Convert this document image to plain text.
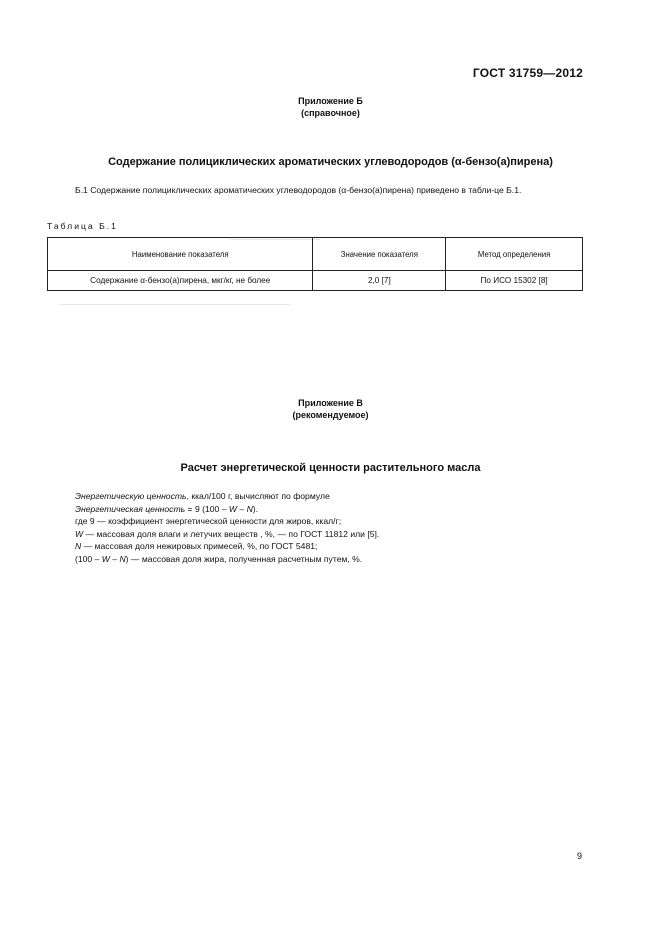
ГОСТ 31759—2012
Приложение Б
(справочное)
Содержание полициклических ароматических углеводородов (α-бензо(а)пирена)
Б.1 Содержание полициклических ароматических углеводородов (α-бензо(а)пирена) приведено в табли-це Б.1.
Таблица Б.1
Наименование показателя	Значение показателя	Метод определения
Содержание α-бензо(а)пирена, мкг/кг, не более	2,0 [7]	По ИСО 15302 [8]
Приложение В
(рекомендуемое)
Расчет энергетической ценности растительного масла
Энергетическую ценность, ккал/100 г, вычисляют по формуле
Энергетическая ценность = 9 (100 – W – N).
где 9 — коэффициент энергетической ценности для жиров, ккал/г;
W — массовая доля влаги и летучих веществ , %, — по ГОСТ 11812 или [5].
N — массовая доля нежировых примесей, %, по ГОСТ 5481;
(100 – W – N) — массовая доля жира, полученная расчетным путем, %.
9
